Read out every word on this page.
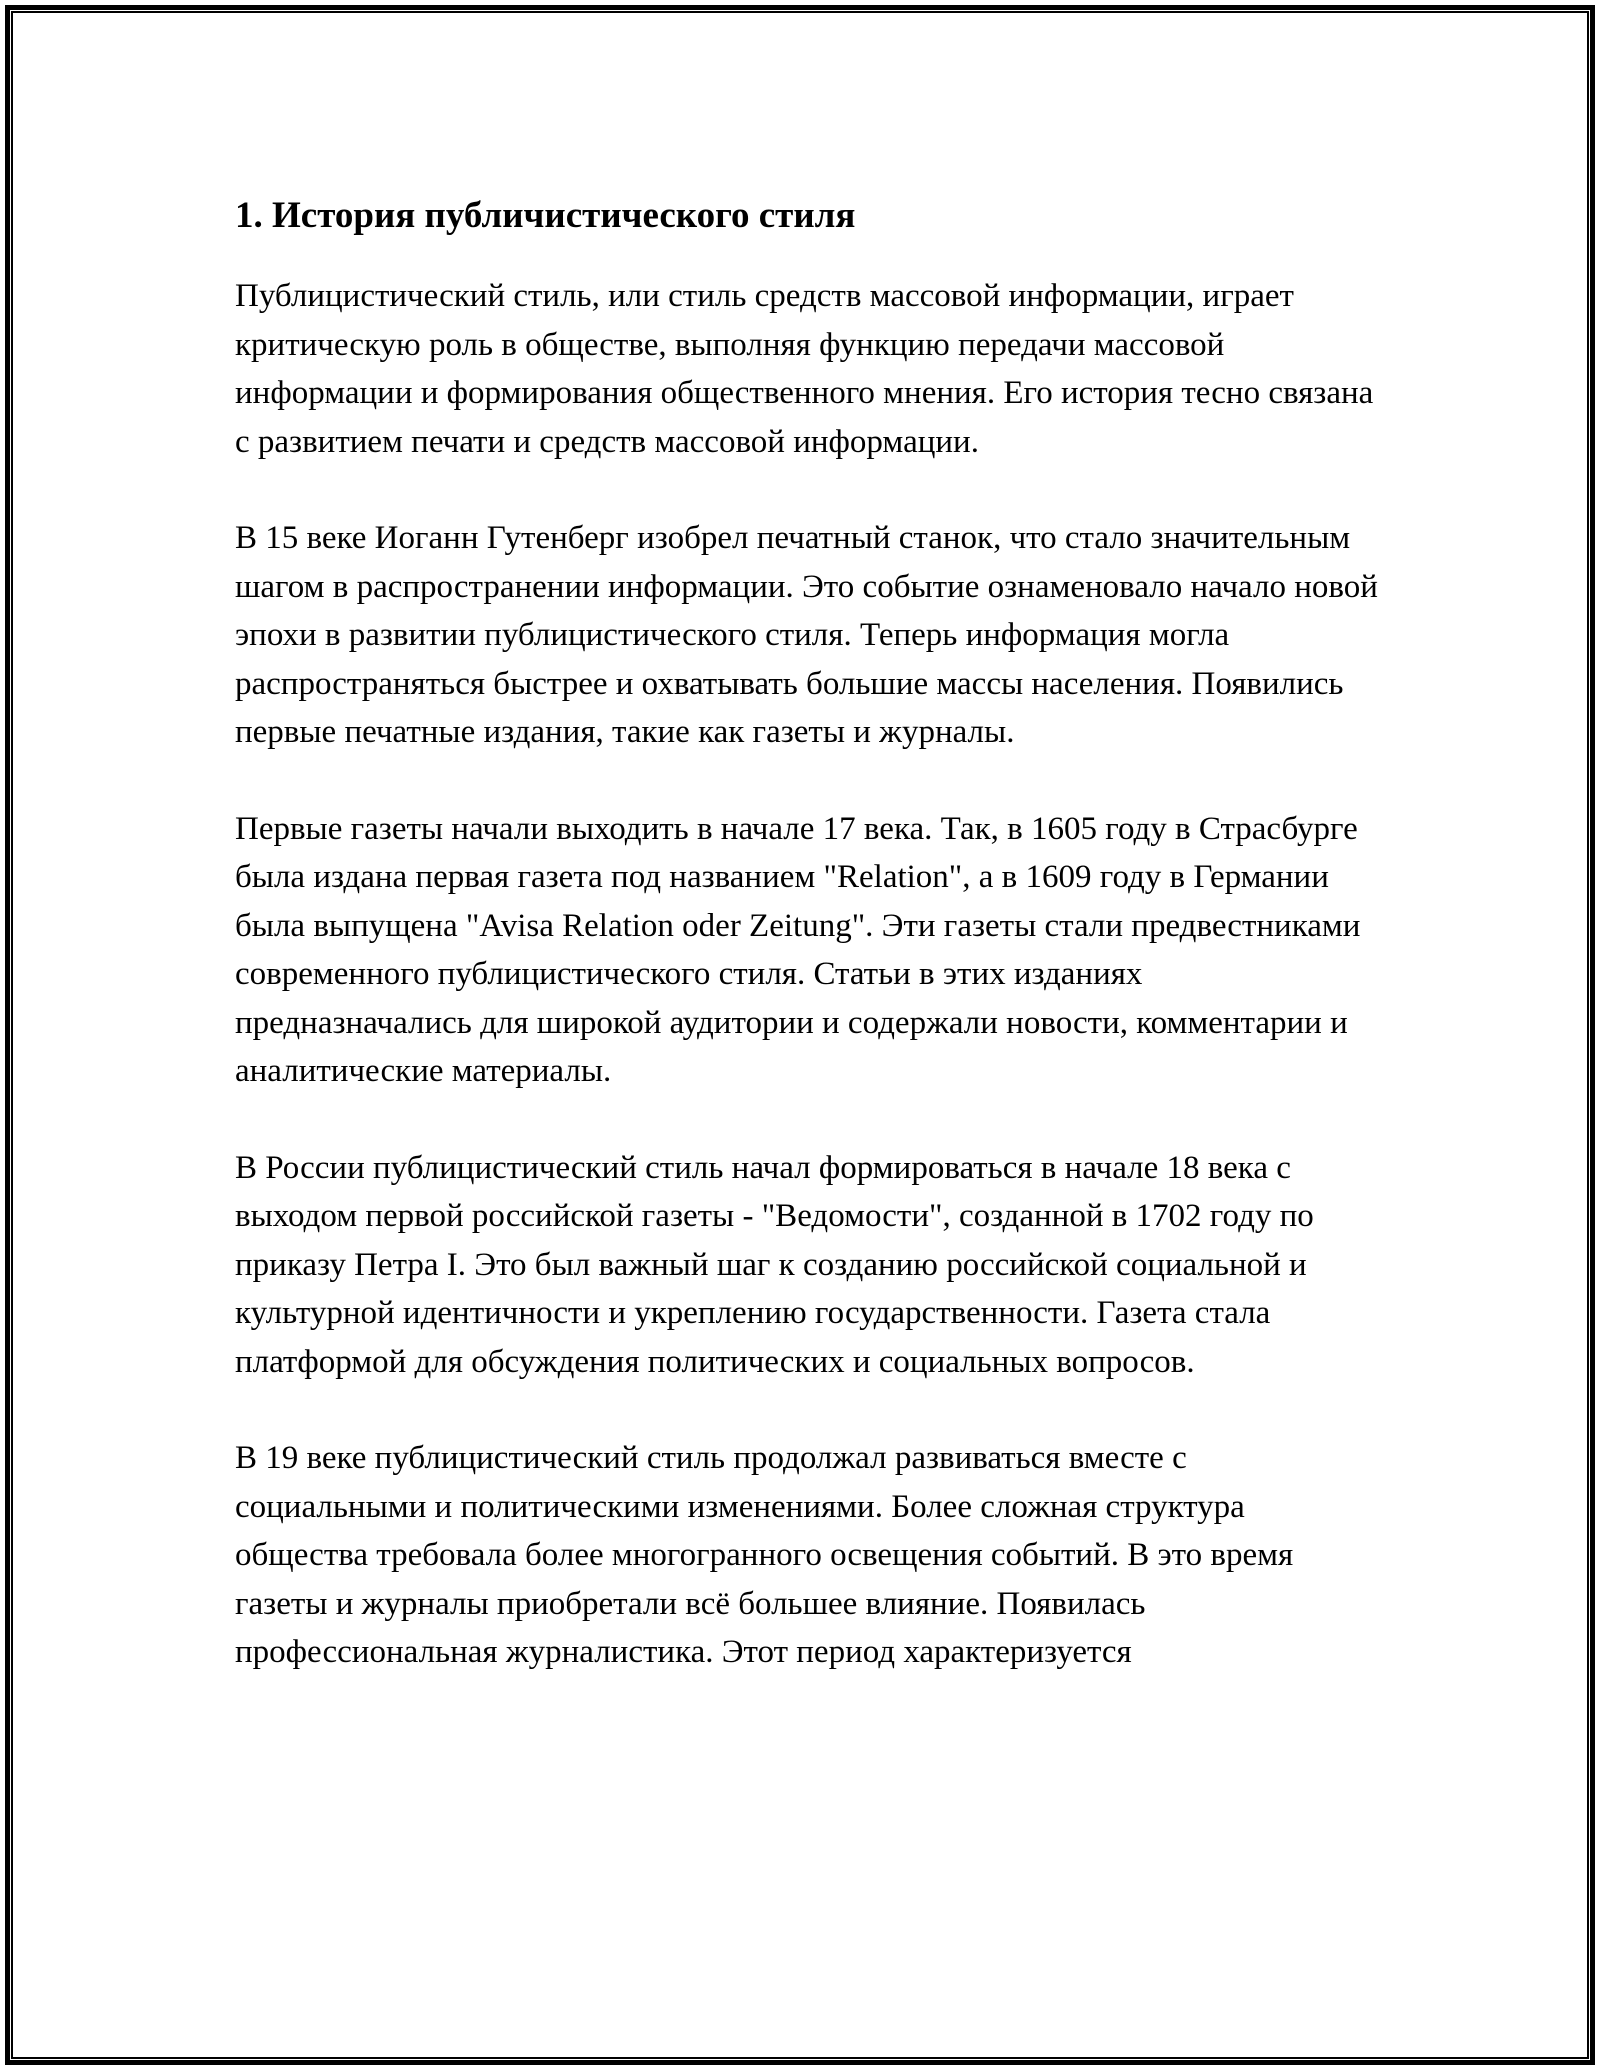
1. История публичистического стиля

Публицистический стиль, или стиль средств массовой информации, играет критическую роль в обществе, выполняя функцию передачи массовой информации и формирования общественного мнения. Его история тесно связана с развитием печати и средств массовой информации.

В 15 веке Иоганн Гутенберг изобрел печатный станок, что стало значительным шагом в распространении информации. Это событие ознаменовало начало новой эпохи в развитии публицистического стиля. Теперь информация могла распространяться быстрее и охватывать большие массы населения. Появились первые печатные издания, такие как газеты и журналы.

Первые газеты начали выходить в начале 17 века. Так, в 1605 году в Страсбурге была издана первая газета под названием "Relation", а в 1609 году в Германии была выпущена "Avisa Relation oder Zeitung". Эти газеты стали предвестниками современного публицистического стиля. Статьи в этих изданиях предназначались для широкой аудитории и содержали новости, комментарии и аналитические материалы.

В России публицистический стиль начал формироваться в начале 18 века с выходом первой российской газеты - "Ведомости", созданной в 1702 году по приказу Петра I. Это был важный шаг к созданию российской социальной и культурной идентичности и укреплению государственности. Газета стала платформой для обсуждения политических и социальных вопросов.

В 19 веке публицистический стиль продолжал развиваться вместе с социальными и политическими изменениями. Более сложная структура общества требовала более многогранного освещения событий. В это время газеты и журналы приобретали всё большее влияние. Появилась профессиональная журналистика. Этот период характеризуется
